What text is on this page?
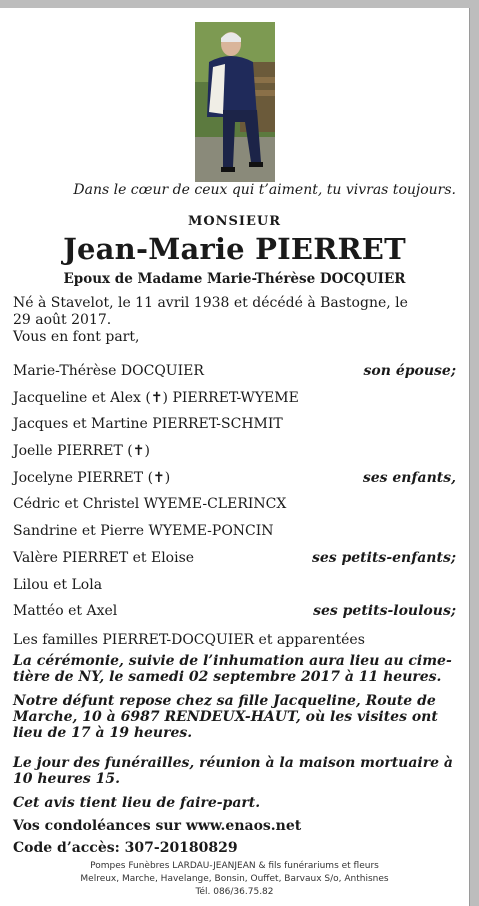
Dans le cœur de ceux qui t’aiment, tu vivras toujours.
MONSIEUR
Jean-Marie PIERRET
Epoux de Madame Marie-Thérèse DOCQUIER
Né à Stavelot, le 11 avril 1938 et décédé à Bastogne, le
29 août 2017.
Vous en font part,
Marie-Thérèse DOCQUIER	son épouse;
Jacqueline et Alex (✝) PIERRET-WYEME
Jacques et Martine PIERRET-SCHMIT
Joelle PIERRET (✝)
Jocelyne PIERRET (✝)	ses enfants,
Cédric et Christel WYEME-CLERINCX
Sandrine et Pierre WYEME-PONCIN
Valère PIERRET et Eloise	ses petits-enfants;
Lilou et Lola
Mattéo et Axel	ses petits-loulous;
Les familles PIERRET-DOCQUIER et apparentées
La cérémonie, suivie de l’inhumation aura lieu au cime-
tière de NY, le samedi 02 septembre 2017 à 11 heures.
Notre défunt repose chez sa fille Jacqueline, Route de
Marche, 10 à 6987 RENDEUX-HAUT, où les visites ont
lieu de 17 à 19 heures.
Le jour des funérailles, réunion à la maison mortuaire à
10 heures 15.
Cet avis tient lieu de faire-part.
Vos condoléances sur www.enaos.net
Code d’accès: 307-20180829
Pompes Funèbres LARDAU-JEANJEAN & fils funérariums et fleurs
Melreux, Marche, Havelange, Bonsin, Ouffet, Barvaux S/o, Anthisnes
Tél. 086/36.75.82
